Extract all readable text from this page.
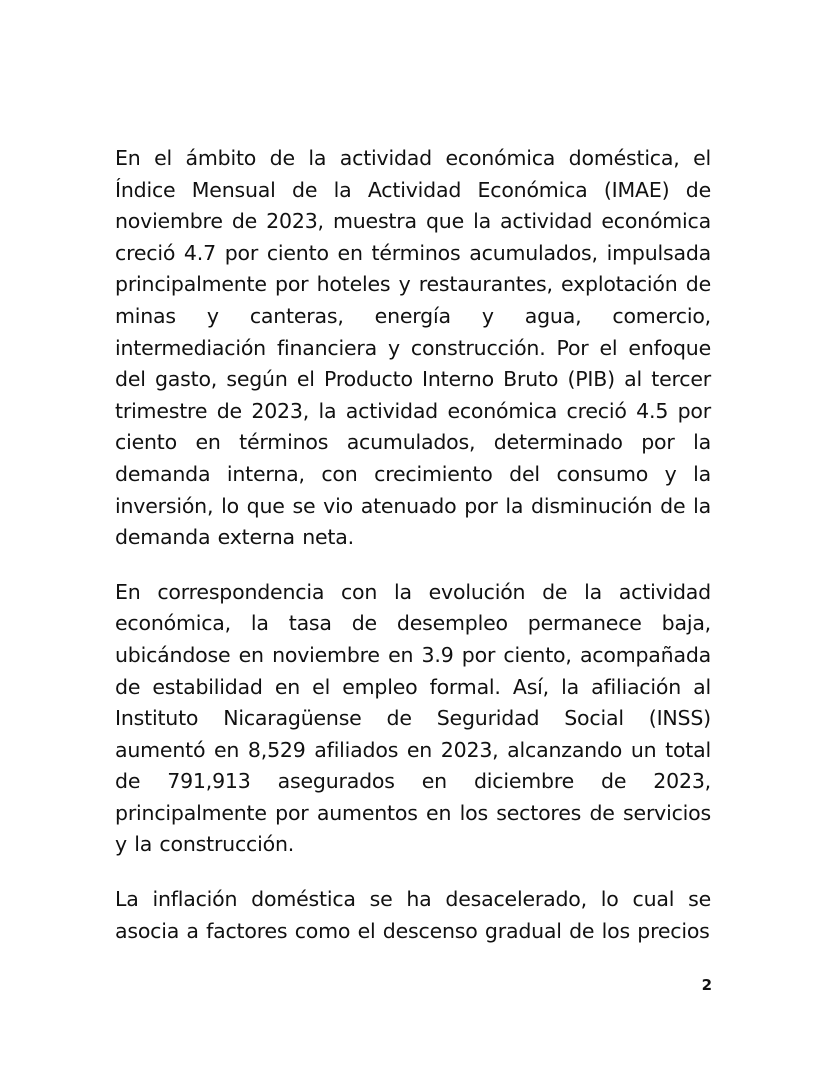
En el ámbito de la actividad económica doméstica, el Índice Mensual de la Actividad Económica (IMAE) de noviembre de 2023, muestra que la actividad económica creció 4.7 por ciento en términos acumulados, impulsada principalmente por hoteles y restaurantes, explotación de minas y canteras, energía y agua, comercio, intermediación financiera y construcción. Por el enfoque del gasto, según el Producto Interno Bruto (PIB) al tercer trimestre de 2023, la actividad económica creció 4.5 por ciento en términos acumulados, determinado por la demanda interna, con crecimiento del consumo y la inversión, lo que se vio atenuado por la disminución de la demanda externa neta.

En correspondencia con la evolución de la actividad económica, la tasa de desempleo permanece baja, ubicándose en noviembre en 3.9 por ciento, acompañada de estabilidad en el empleo formal. Así, la afiliación al Instituto Nicaragüense de Seguridad Social (INSS) aumentó en 8,529 afiliados en 2023, alcanzando un total de 791,913 asegurados en diciembre de 2023, principalmente por aumentos en los sectores de servicios y la construcción.

La inflación doméstica se ha desacelerado, lo cual se asocia a factores como el descenso gradual de los precios

2
